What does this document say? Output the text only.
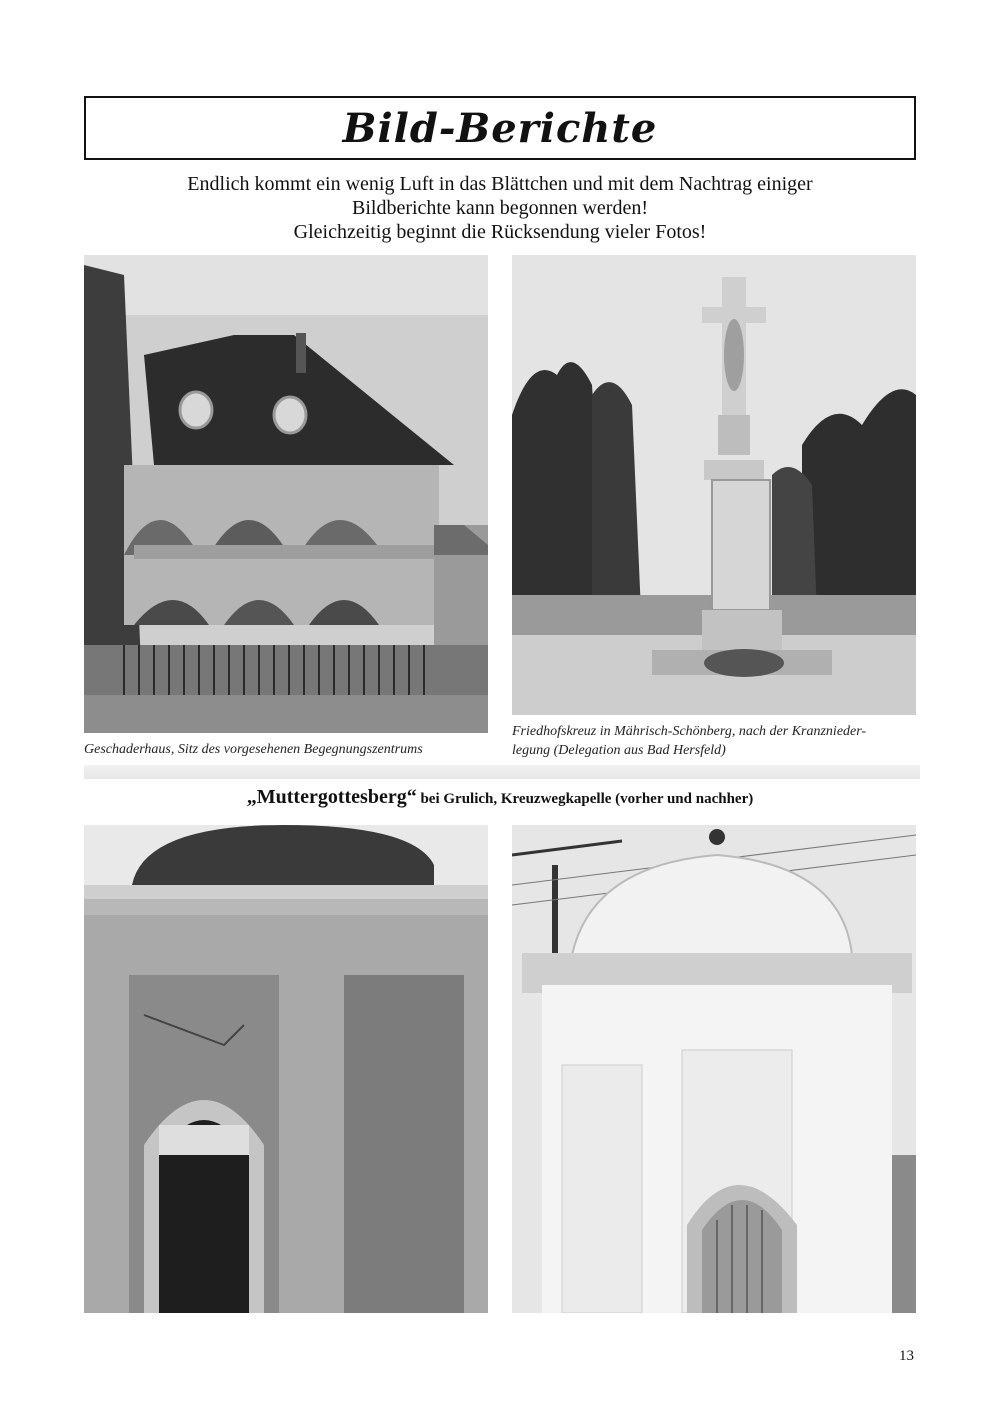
Bild-Berichte
Endlich kommt ein wenig Luft in das Blättchen und mit dem Nachtrag einiger
Bildberichte kann begonnen werden!
Gleichzeitig beginnt die Rücksendung vieler Fotos!
Geschaderhaus, Sitz des vorgesehenen Begegnungszentrums
Friedhofskreuz in Mährisch-Schönberg, nach der Kranznieder-
legung (Delegation aus Bad Hersfeld)
„Muttergottesberg“ bei Grulich, Kreuzwegkapelle (vorher und nachher)
13
